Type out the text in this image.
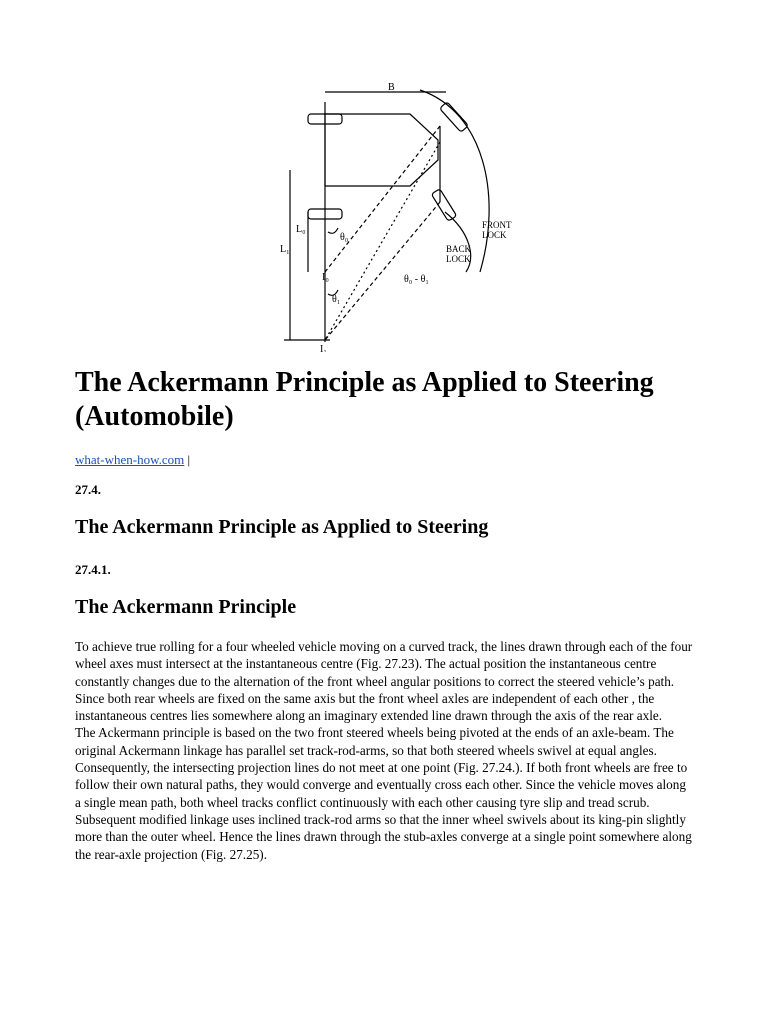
B
L₀
L₁
θ₀
θ₁
I₀
I₁
FRONT
LOCK
BACK
LOCK
θ₀ - θ₁
The Ackermann Principle as Applied to Steering (Automobile)
what-when-how.com |
27.4.
The Ackermann Principle as Applied to Steering
27.4.1.
The Ackermann Principle

To achieve true rolling for a four wheeled vehicle moving on a curved track, the lines drawn through each of the four wheel axes must intersect at the instantaneous centre (Fig. 27.23). The actual position the instantaneous centre constantly changes due to the alternation of the front wheel angular positions to correct the steered vehicle’s path. Since both rear wheels are fixed on the same axis but the front wheel axles are independent of each other , the instantaneous centres lies somewhere along an imaginary extended line drawn through the axis of the rear axle.

The Ackermann principle is based on the two front steered wheels being pivoted at the ends of an axle-beam. The original Ackermann linkage has parallel set track-rod-arms, so that both steered wheels swivel at equal angles. Consequently, the intersecting projection lines do not meet at one point (Fig. 27.24.). If both front wheels are free to follow their own natural paths, they would converge and eventually cross each other. Since the vehicle moves along a single mean path, both wheel tracks conflict continuously with each other causing tyre slip and tread scrub. Subsequent modified linkage uses inclined track-rod arms so that the inner wheel swivels about its king-pin slightly more than the outer wheel. Hence the lines drawn through the stub-axles converge at a single point somewhere along the rear-axle projection (Fig. 27.25).
